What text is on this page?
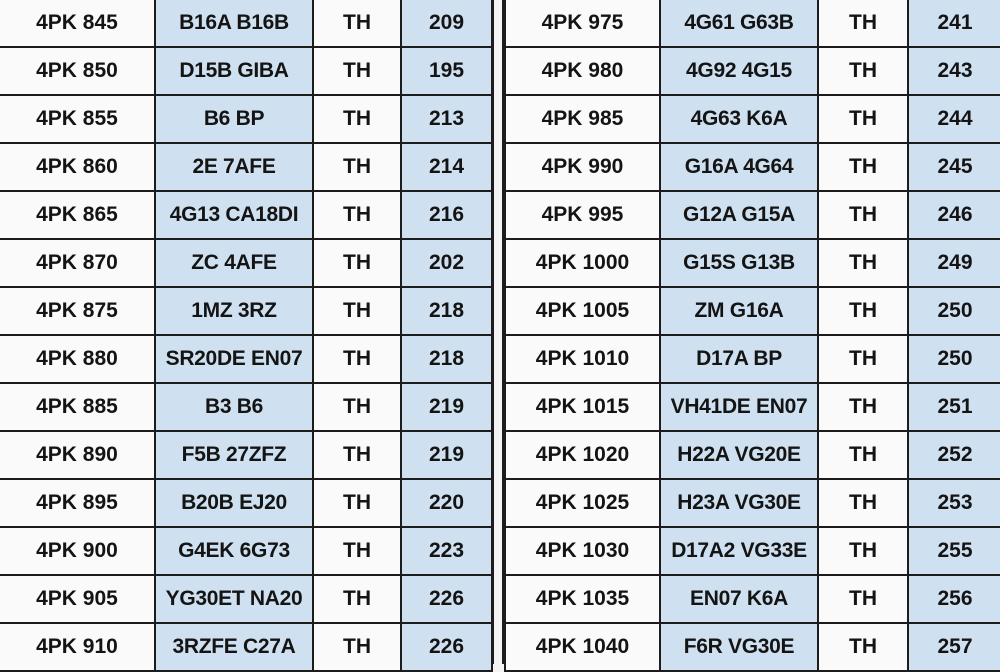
4PK 845	B16A B16B	TH	209
4PK 850	D15B GIBA	TH	195
4PK 855	B6 BP	TH	213
4PK 860	2E 7AFE	TH	214
4PK 865	4G13 CA18DI	TH	216
4PK 870	ZC 4AFE	TH	202
4PK 875	1MZ 3RZ	TH	218
4PK 880	SR20DE EN07	TH	218
4PK 885	B3 B6	TH	219
4PK 890	F5B 27ZFZ	TH	219
4PK 895	B20B EJ20	TH	220
4PK 900	G4EK 6G73	TH	223
4PK 905	YG30ET NA20	TH	226
4PK 910	3RZFE C27A	TH	226
4PK 975	4G61 G63B	TH	241
4PK 980	4G92 4G15	TH	243
4PK 985	4G63 K6A	TH	244
4PK 990	G16A 4G64	TH	245
4PK 995	G12A G15A	TH	246
4PK 1000	G15S G13B	TH	249
4PK 1005	ZM G16A	TH	250
4PK 1010	D17A BP	TH	250
4PK 1015	VH41DE EN07	TH	251
4PK 1020	H22A VG20E	TH	252
4PK 1025	H23A VG30E	TH	253
4PK 1030	D17A2 VG33E	TH	255
4PK 1035	EN07 K6A	TH	256
4PK 1040	F6R VG30E	TH	257
